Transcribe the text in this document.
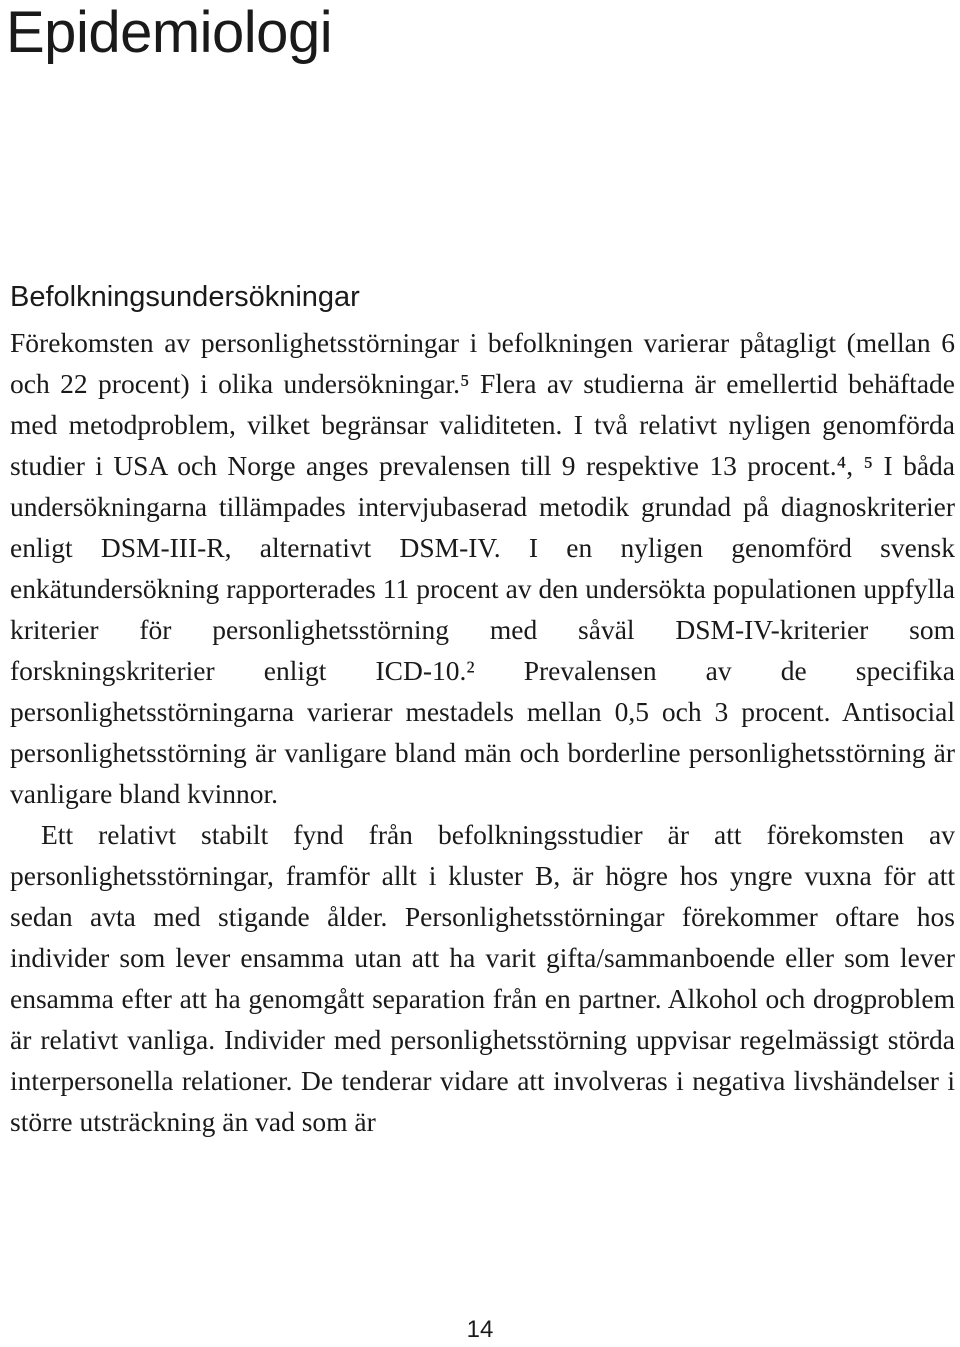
Epidemiologi
Befolkningsundersökningar

Förekomsten av personlighetsstörningar i befolkningen varierar påtagligt (mellan 6 och 22 procent) i olika undersökningar.⁵ Flera av studierna är emellertid behäftade med metodproblem, vilket begränsar validiteten. I två relativt nyligen genomförda studier i USA och Norge anges prevalensen till 9 respektive 13 procent.⁴, ⁵ I båda undersökningarna tillämpades intervjubaserad metodik grundad på diagnoskriterier enligt DSM-III-R, alternativt DSM-IV. I en nyligen genomförd svensk enkätundersökning rapporterades 11 procent av den undersökta populationen uppfylla kriterier för personlighetsstörning med såväl DSM-IV-kriterier som forskningskriterier enligt ICD-10.² Prevalensen av de specifika personlighetsstörningarna varierar mestadels mellan 0,5 och 3 procent. Antisocial personlighetsstörning är vanligare bland män och borderline personlighetsstörning är vanligare bland kvinnor.

Ett relativt stabilt fynd från befolkningsstudier är att förekomsten av personlighetsstörningar, framför allt i kluster B, är högre hos yngre vuxna för att sedan avta med stigande ålder. Personlighetsstörningar förekommer oftare hos individer som lever ensamma utan att ha varit gifta/sammanboende eller som lever ensamma efter att ha genomgått separation från en partner. Alkohol och drogproblem är relativt vanliga. Individer med personlighetsstörning uppvisar regelmässigt störda interpersonella relationer. De tenderar vidare att involveras i negativa livshändelser i större utsträckning än vad som är

14
